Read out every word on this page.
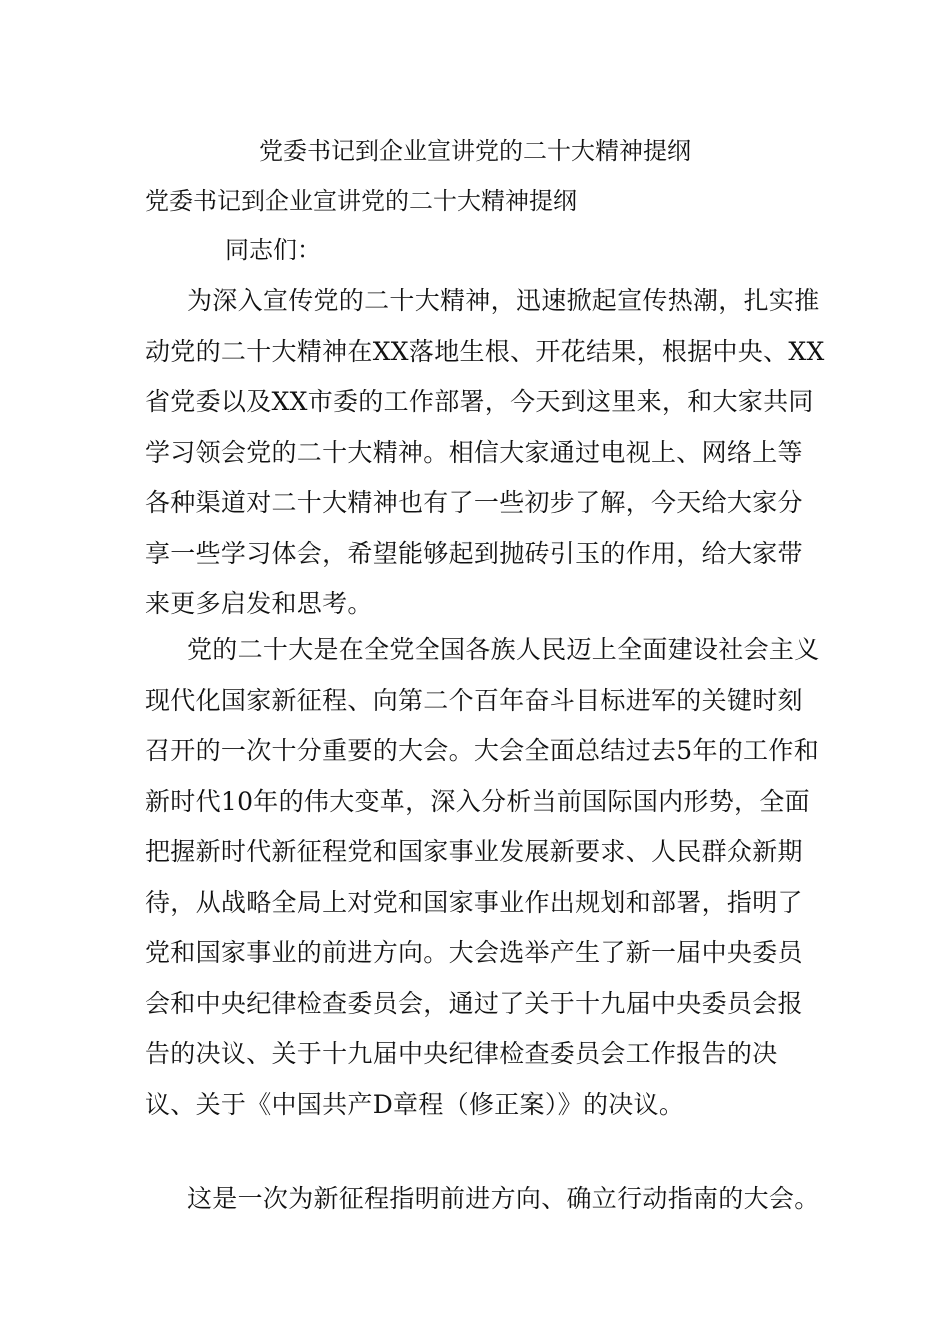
党委书记到企业宣讲党的二十大精神提纲
党委书记到企业宣讲党的二十大精神提纲
同志们：

为深入宣传党的二十大精神，迅速掀起宣传热潮，扎实推动党的二十大精神在XX落地生根、开花结果，根据中央、XX省党委以及XX市委的工作部署，今天到这里来，和大家共同学习领会党的二十大精神。相信大家通过电视上、网络上等各种渠道对二十大精神也有了一些初步了解，今天给大家分享一些学习体会，希望能够起到抛砖引玉的作用，给大家带来更多启发和思考。

党的二十大是在全党全国各族人民迈上全面建设社会主义现代化国家新征程、向第二个百年奋斗目标进军的关键时刻召开的一次十分重要的大会。大会全面总结过去5年的工作和新时代10年的伟大变革，深入分析当前国际国内形势，全面把握新时代新征程党和国家事业发展新要求、人民群众新期待，从战略全局上对党和国家事业作出规划和部署，指明了党和国家事业的前进方向。大会选举产生了新一届中央委员会和中央纪律检查委员会，通过了关于十九届中央委员会报告的决议、关于十九届中央纪律检查委员会工作报告的决议、关于《中国共产D章程（修正案）》的决议。

这是一次为新征程指明前进方向、确立行动指南的大会。
